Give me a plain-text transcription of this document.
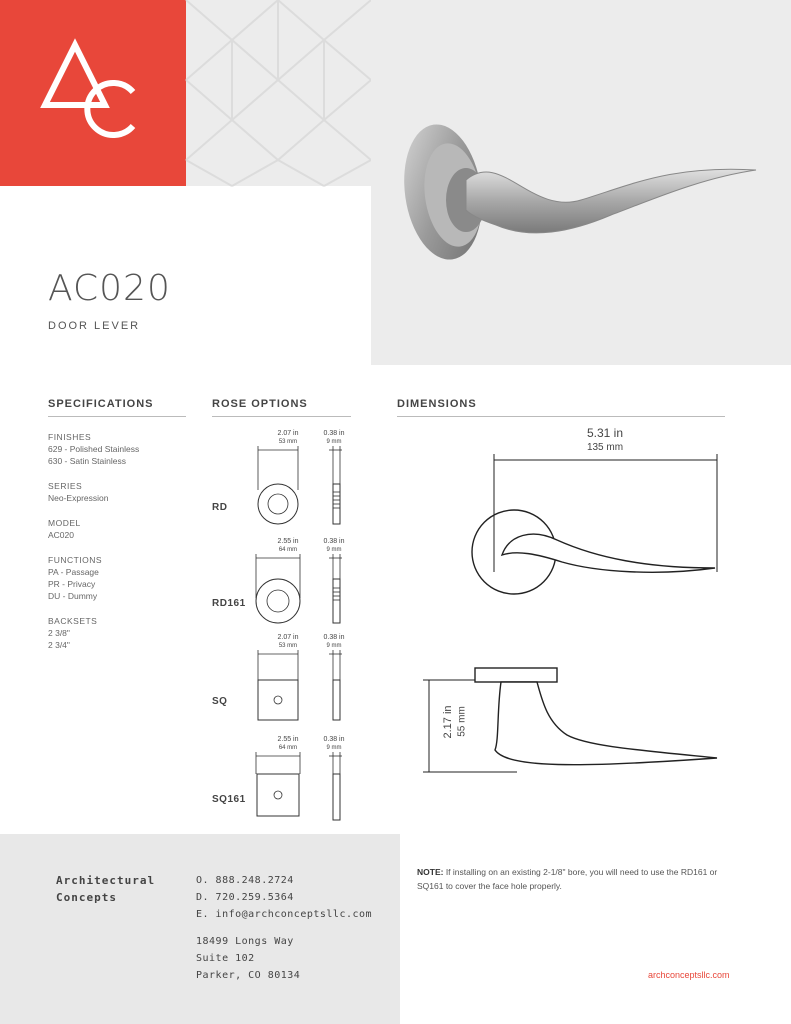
AC020
DOOR LEVER
SPECIFICATIONS
FINISHES
629 - Polished Stainless
630 - Satin Stainless
SERIES
Neo-Expression
MODEL
AC020
FUNCTIONS
PA - Passage
PR - Privacy
DU - Dummy
BACKSETS
2 3/8"
2 3/4"
ROSE OPTIONS
2.07 in
53 mm
0.38 in
9 mm
RD
2.55 in
64 mm
0.38 in
9 mm
RD161
2.07 in
53 mm
0.38 in
9 mm
SQ
2.55 in
64 mm
0.38 in
9 mm
SQ161
DIMENSIONS
5.31 in
135 mm
2.17 in 55 mm
Architectural
Concepts
O. 888.248.2724
D. 720.259.5364
E. info@archconceptsllc.com
18499 Longs Way
Suite 102
Parker, CO 80134
NOTE: If installing on an existing 2-1/8" bore, you will need to use the RD161 or SQ161 to cover the face hole properly.
archconceptsllc.com
